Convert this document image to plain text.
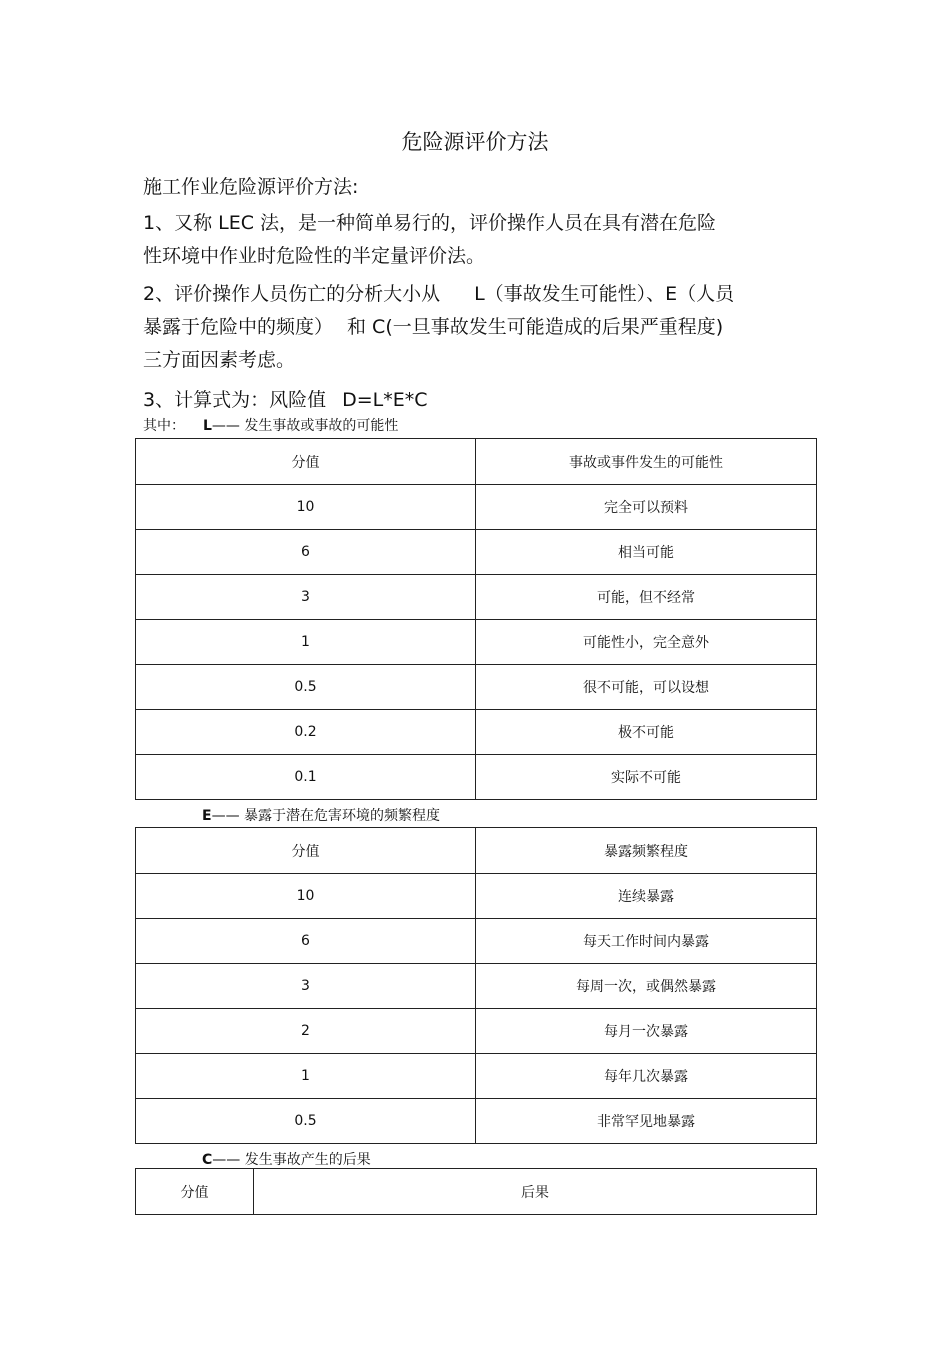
危险源评价方法
施工作业危险源评价方法:
1、又称 LEC 法，是一种简单易行的，评价操作人员在具有潜在危险
性环境中作业时危险性的半定量评价法。
2、评价操作人员伤亡的分析大小从 L（事故发生可能性）、E（人员
暴露于危险中的频度） 和 C(一旦事故发生可能造成的后果严重程度)
三方面因素考虑。
3、计算式为：风险值 D=L*E*C
其中： L—— 发生事故或事故的可能性
分值	事故或事件发生的可能性
10	完全可以预料
6	相当可能
3	可能，但不经常
1	可能性小，完全意外
0.5	很不可能，可以设想
0.2	极不可能
0.1	实际不可能
E—— 暴露于潜在危害环境的频繁程度
分值	暴露频繁程度
10	连续暴露
6	每天工作时间内暴露
3	每周一次，或偶然暴露
2	每月一次暴露
1	每年几次暴露
0.5	非常罕见地暴露
C—— 发生事故产生的后果
分值	后果
